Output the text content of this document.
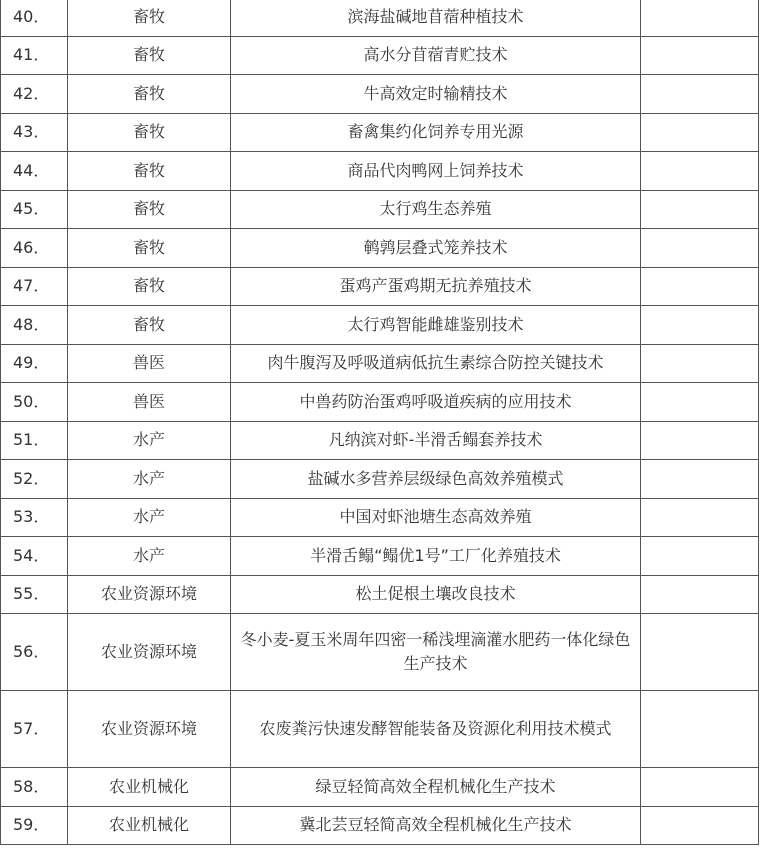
40．	畜牧	滨海盐碱地苜蓿种植技术	
41．	畜牧	高水分苜蓿青贮技术	
42．	畜牧	牛高效定时输精技术	
43．	畜牧	畜禽集约化饲养专用光源	
44．	畜牧	商品代肉鸭网上饲养技术	
45．	畜牧	太行鸡生态养殖	
46．	畜牧	鹌鹑层叠式笼养技术	
47．	畜牧	蛋鸡产蛋鸡期无抗养殖技术	
48．	畜牧	太行鸡智能雌雄鉴别技术	
49．	兽医	肉牛腹泻及呼吸道病低抗生素综合防控关键技术	
50．	兽医	中兽药防治蛋鸡呼吸道疾病的应用技术	
51．	水产	凡纳滨对虾-半滑舌鳎套养技术	
52．	水产	盐碱水多营养层级绿色高效养殖模式	
53．	水产	中国对虾池塘生态高效养殖	
54．	水产	半滑舌鳎“鳎优1号”工厂化养殖技术	
55．	农业资源环境	松土促根土壤改良技术	
56．	农业资源环境	冬小麦-夏玉米周年四密一稀浅埋滴灌水肥药一体化绿色生产技术	
57．	农业资源环境	农废粪污快速发酵智能装备及资源化利用技术模式	
58．	农业机械化	绿豆轻简高效全程机械化生产技术	
59．	农业机械化	冀北芸豆轻简高效全程机械化生产技术	
